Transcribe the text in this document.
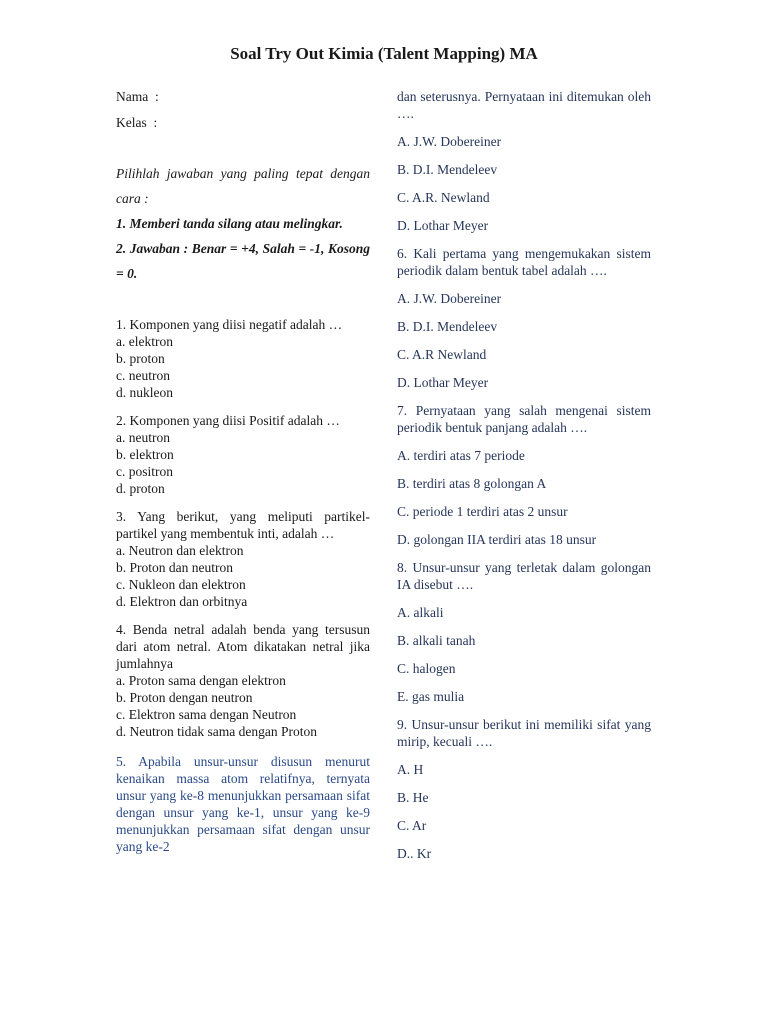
Soal Try Out Kimia (Talent Mapping) MA

Nama  :

Kelas  :

Pilihlah jawaban yang paling tepat dengan cara :

1. Memberi tanda silang atau melingkar.

2. Jawaban : Benar = +4, Salah = -1, Kosong = 0.

1. Komponen yang diisi negatif adalah …

a. elektron

b. proton

c. neutron

d. nukleon

2. Komponen yang diisi Positif adalah …

a. neutron

b. elektron

c. positron

d. proton

3. Yang berikut, yang meliputi partikel-partikel yang membentuk inti, adalah …

a. Neutron dan elektron

b. Proton dan neutron

c. Nukleon dan elektron

d. Elektron dan orbitnya

4. Benda netral adalah benda yang tersusun dari atom netral. Atom dikatakan netral jika jumlahnya

a. Proton sama dengan elektron

b. Proton dengan neutron

c. Elektron sama dengan Neutron

d. Neutron tidak sama dengan Proton

5. Apabila unsur-unsur disusun menurut kenaikan massa atom relatifnya, ternyata unsur yang ke-8 menunjukkan persamaan sifat dengan unsur yang ke-1, unsur yang ke-9 menunjukkan persamaan sifat dengan unsur yang ke-2

dan seterusnya. Pernyataan ini ditemukan oleh ….

A. J.W. Dobereiner

B. D.I. Mendeleev

C. A.R. Newland

D. Lothar Meyer

6. Kali pertama yang mengemukakan sistem periodik dalam bentuk tabel adalah ….

A. J.W. Dobereiner

B. D.I. Mendeleev

C. A.R Newland

D. Lothar Meyer

7. Pernyataan yang salah mengenai sistem periodik bentuk panjang adalah ….

A. terdiri atas 7 periode

B. terdiri atas 8 golongan A

C. periode 1 terdiri atas 2 unsur

D. golongan IIA terdiri atas 18 unsur

8. Unsur-unsur yang terletak dalam golongan IA disebut ….

A. alkali

B. alkali tanah

C. halogen

E. gas mulia

9. Unsur-unsur berikut ini memiliki sifat yang mirip, kecuali ….

A. H

B. He

C. Ar

D.. Kr
